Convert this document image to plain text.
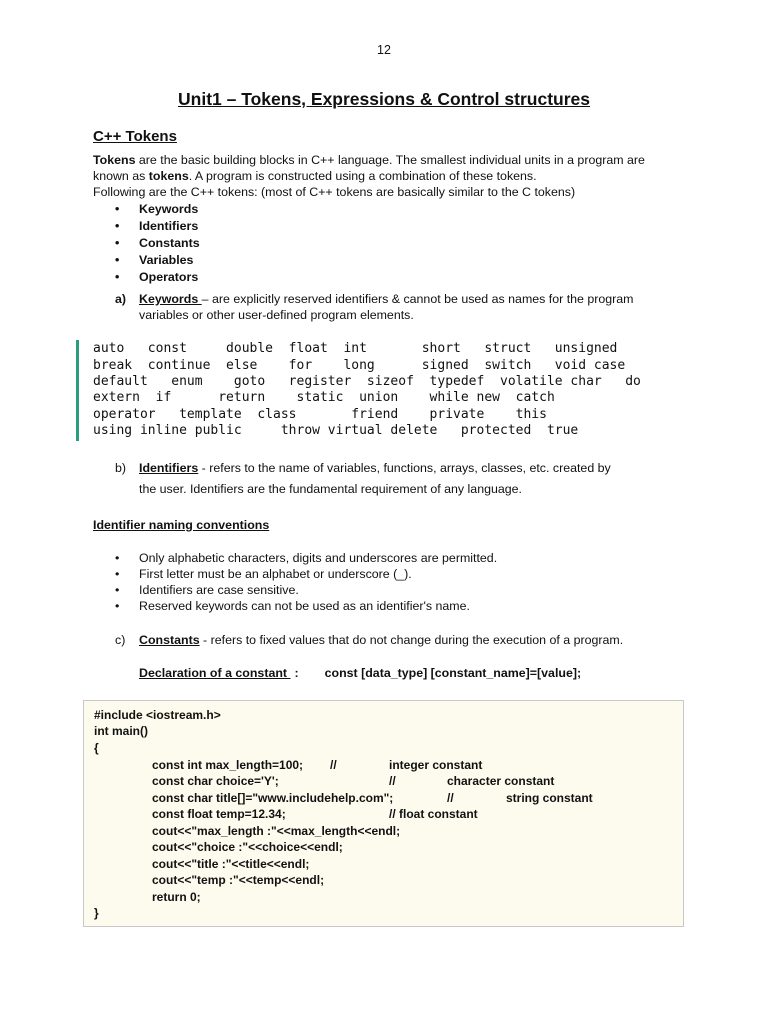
12
Unit1 – Tokens, Expressions & Control structures
C++ Tokens
Tokens are the basic building blocks in C++ language. The smallest individual units in a program are
known as tokens. A program is constructed using a combination of these tokens.
Following are the C++ tokens: (most of C++ tokens are basically similar to the C tokens)
•	Keywords
•	Identifiers
•	Constants
•	Variables
•	Operators
a) Keywords – are explicitly reserved identifiers & cannot be used as names for the program
variables or other user-defined program elements.
auto   const     double  float  int       short   struct   unsigned
break  continue  else    for    long      signed  switch   void case
default   enum    goto   register  sizeof  typedef  volatile char   do
extern  if      return    static  union    while new  catch
operator   template  class       friend    private    this
using inline public     throw virtual delete   protected  true
b) Identifiers - refers to the name of variables, functions, arrays, classes, etc. created by
the user. Identifiers are the fundamental requirement of any language.
Identifier naming conventions
•	Only alphabetic characters, digits and underscores are permitted.
•	First letter must be an alphabet or underscore (_).
•	Identifiers are case sensitive.
•	Reserved keywords can not be used as an identifier's name.
c) Constants - refers to fixed values that do not change during the execution of a program.
Declaration of a constant : const [data_type] [constant_name]=[value];
#include <iostream.h>
int main()
{
const int max_length=100; //	integer constant
const char choice='Y';	//	character constant
const char title[]="www.includehelp.com";	//	string constant
const float temp=12.34;	// float constant
cout<<"max_length :"<<max_length<<endl;
cout<<"choice :"<<choice<<endl;
cout<<"title :"<<title<<endl;
cout<<"temp :"<<temp<<endl;
return 0;
}
